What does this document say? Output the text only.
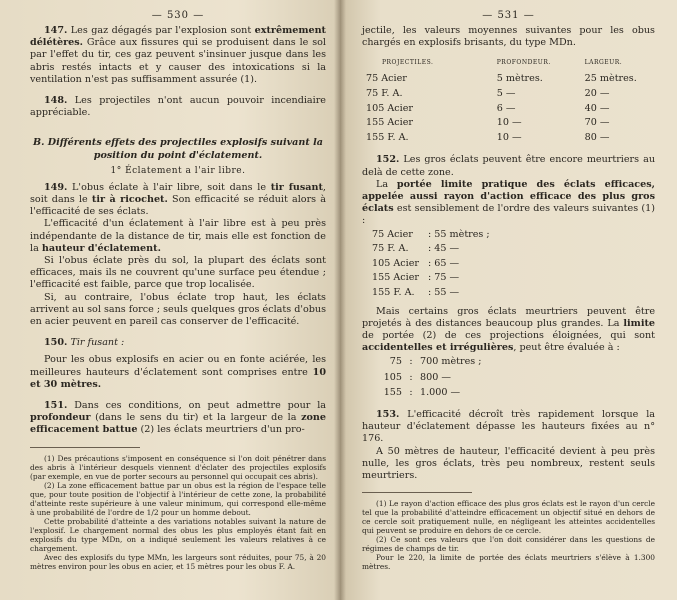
— 530 —

147. Les gaz dégagés par l'explosion sont extrêmement délétères. Grâce aux fissures qui se produisent dans le sol par l'effet du tir, ces gaz peuvent s'insinuer jusque dans les abris restés intacts et y causer des intoxications si la ventilation n'est pas suffisamment assurée (1).

148. Les projectiles n'ont aucun pouvoir incendiaire appréciable.

B. Différents effets des projectiles explosifs suivant la position du point d'éclatement.
1° Éclatement a l'air libre.

149. L'obus éclate à l'air libre, soit dans le tir fusant, soit dans le tir à ricochet. Son efficacité se réduit alors à l'efficacité de ses éclats.

L'efficacité d'un éclatement à l'air libre est à peu près indépendante de la distance de tir, mais elle est fonction de la hauteur d'éclatement.

Si l'obus éclate près du sol, la plupart des éclats sont efficaces, mais ils ne couvrent qu'une surface peu étendue ; l'efficacité est faible, parce que trop localisée.

Si, au contraire, l'obus éclate trop haut, les éclats arrivent au sol sans force ; seuls quelques gros éclats d'obus en acier peuvent en pareil cas conserver de l'efficacité.

150. Tir fusant :

Pour les obus explosifs en acier ou en fonte aciérée, les meilleures hauteurs d'éclatement sont comprises entre 10 et 30 mètres.

151. Dans ces conditions, on peut admettre pour la profondeur (dans le sens du tir) et la largeur de la zone efficacement battue (2) les éclats meurtriers d'un pro-

(1) Des précautions s'imposent en conséquence si l'on doit pénétrer dans des abris à l'intérieur desquels viennent d'éclater des projectiles explosifs (par exemple, en vue de porter secours au personnel qui occupait ces abris).

(2) La zone efficacement battue par un obus est la région de l'espace telle que, pour toute position de l'objectif à l'intérieur de cette zone, la probabilité d'atteinte reste supérieure à une valeur minimum, qui correspond elle-même à une probabilité de l'ordre de 1/2 pour un homme debout.

Cette probabilité d'atteinte a des variations notables suivant la nature de l'explosif. Le chargement normal des obus les plus employés étant fait en explosifs du type MDn, on a indiqué seulement les valeurs relatives à ce chargement.

Avec des explosifs du type MMn, les largeurs sont réduites, pour 75, à 20 mètres environ pour les obus en acier, et 15 mètres pour les obus F. A.

— 531 —

jectile, les valeurs moyennes suivantes pour les obus chargés en explosifs brisants, du type MDn.

PROJECTILES.	PROFONDEUR.	LARGEUR.
75 Acier	5 mètres.	25 mètres.
75 F. A.	5 —	20 —
105 Acier	6 —	40 —
155 Acier	10 —	70 —
155 F. A.	10 —	80 —

152. Les gros éclats peuvent être encore meurtriers au delà de cette zone.

La portée limite pratique des éclats efficaces, appelée aussi rayon d'action efficace des plus gros éclats est sensiblement de l'ordre des valeurs suivantes (1) :

75 Acier	: 55 mètres ;
75 F. A.	: 45 —
105 Acier : 65 —
155 Acier : 75 —
155 F. A.	: 55 —

Mais certains gros éclats meurtriers peuvent être projetés à des distances beaucoup plus grandes. La limite de portée (2) de ces projections éloignées, qui sont accidentelles et irrégulières, peut être évaluée à :

75 : 700 mètres ;
105 : 800 —
155 : 1.000 —

153. L'efficacité décroît très rapidement lorsque la hauteur d'éclatement dépasse les hauteurs fixées au n° 176.

A 50 mètres de hauteur, l'efficacité devient à peu près nulle, les gros éclats, très peu nombreux, restent seuls meurtriers.

(1) Le rayon d'action efficace des plus gros éclats est le rayon d'un cercle tel que la probabilité d'atteindre efficacement un objectif situé en dehors de ce cercle soit pratiquement nulle, en négligeant les atteintes accidentelles qui peuvent se produire en dehors de ce cercle.

(2) Ce sont ces valeurs que l'on doit considérer dans les questions de régimes de champs de tir.

Pour le 220, la limite de portée des éclats meurtriers s'élève à 1.300 mètres.
